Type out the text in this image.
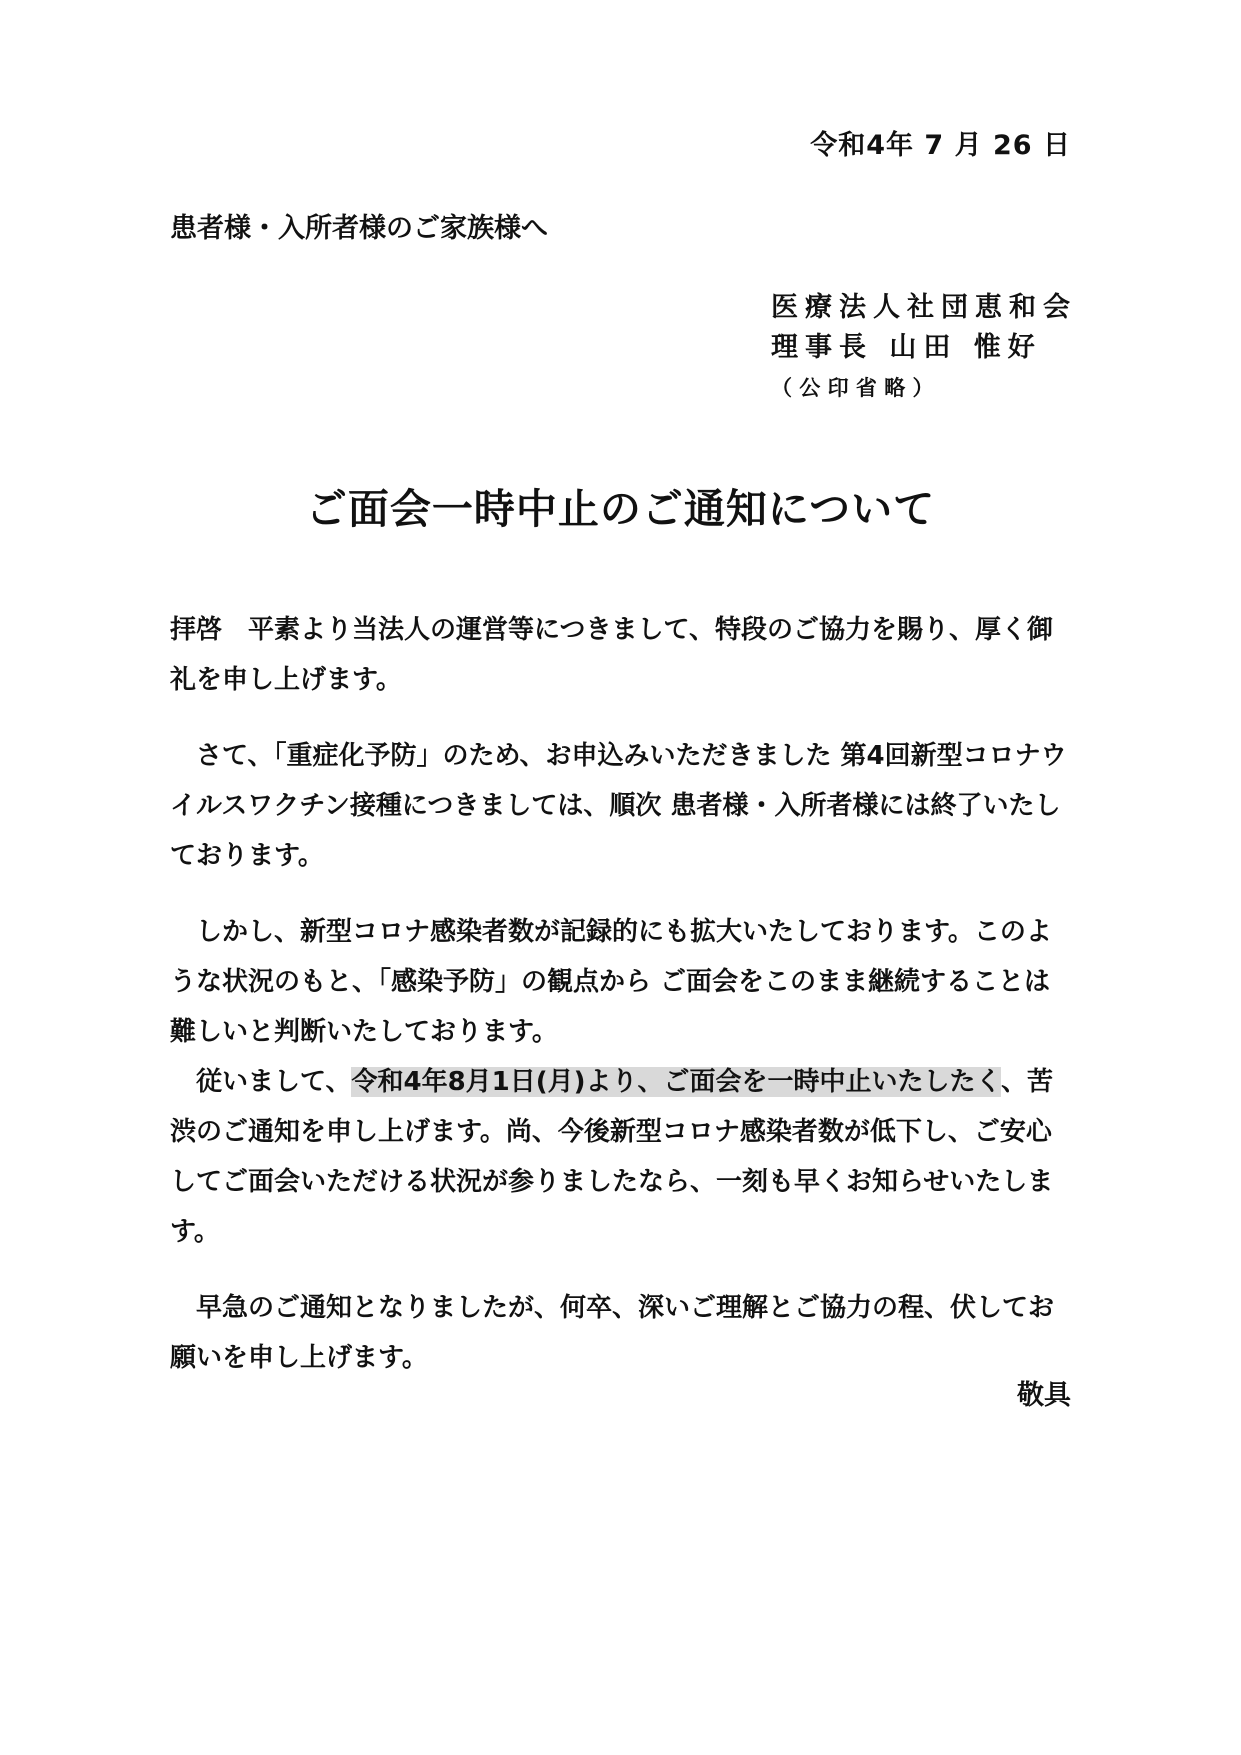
令和4年 7 月 26 日
患者様・入所者様のご家族様へ
医療法人社団恵和会
理事長 山田 惟好
（ 公 印 省 略 ）
ご面会一時中止のご通知について

拝啓　平素より当法人の運営等につきまして、特段のご協力を賜り、厚く御礼を申し上げます。

さて、「重症化予防」のため、お申込みいただきました 第4回新型コロナウイルスワクチン接種につきましては、順次 患者様・入所者様には終了いたしております。

しかし、新型コロナ感染者数が記録的にも拡大いたしております。このような状況のもと、「感染予防」の観点から ご面会をこのまま継続することは難しいと判断いたしております。

従いまして、令和4年8月1日(月)より、ご面会を一時中止いたしたく、苦渋のご通知を申し上げます。尚、今後新型コロナ感染者数が低下し、ご安心してご面会いただける状況が参りましたなら、一刻も早くお知らせいたします。

早急のご通知となりましたが、何卒、深いご理解とご協力の程、伏してお願いを申し上げます。

敬具
